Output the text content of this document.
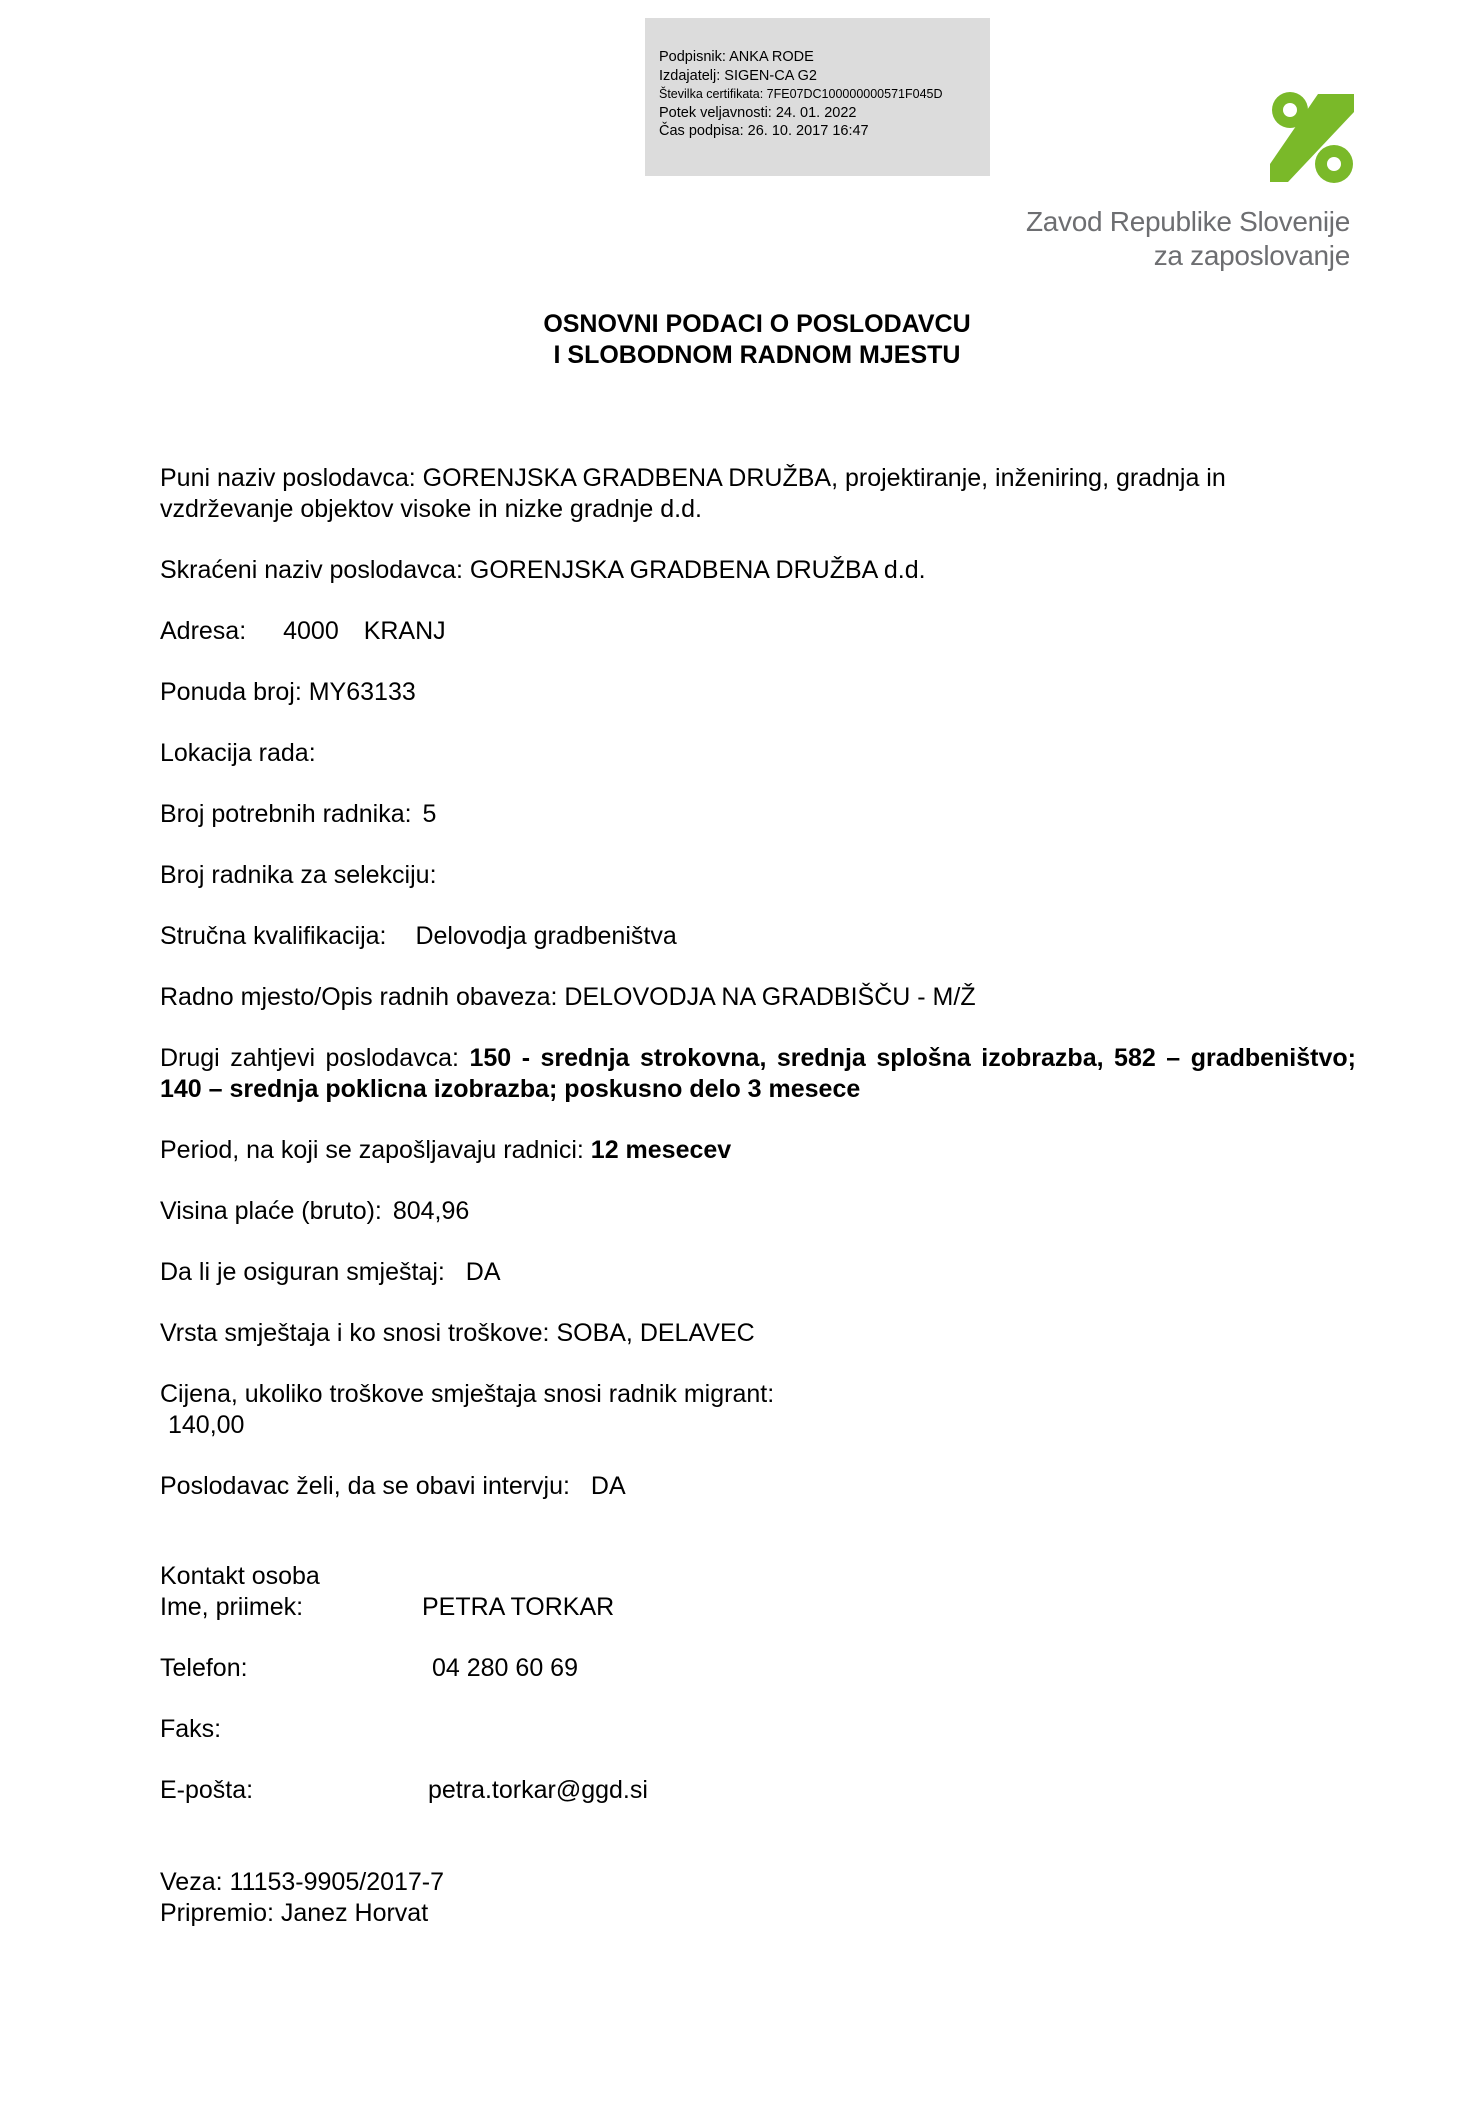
Podpisnik: ANKA RODE
Izdajatelj: SIGEN-CA G2
Številka certifikata: 7FE07DC100000000571F045D
Potek veljavnosti: 24. 01. 2022
Čas podpisa: 26. 10. 2017 16:47
Zavod Republike Slovenije
za zaposlovanje
OSNOVNI PODACI O POSLODAVCU
I SLOBODNOM RADNOM MJESTU
Puni naziv poslodavca: GORENJSKA GRADBENA DRUŽBA, projektiranje, inženiring, gradnja in vzdrževanje objektov visoke in nizke gradnje d.d.
Skraćeni naziv poslodavca: GORENJSKA GRADBENA DRUŽBA d.d.
Adresa: 4000 KRANJ
Ponuda broj: MY63133
Lokacija rada:
Broj potrebnih radnika: 5
Broj radnika za selekciju:
Stručna kvalifikacija: Delovodja gradbeništva
Radno mjesto/Opis radnih obaveza: DELOVODJA NA GRADBIŠČU - M/Ž
Drugi zahtjevi poslodavca: 150 - srednja strokovna, srednja splošna izobrazba, 582 – gradbeništvo; 140 – srednja poklicna izobrazba; poskusno delo 3 mesece
Period, na koji se zapošljavaju radnici: 12 mesecev
Visina plaće (bruto): 804,96
Da li je osiguran smještaj: DA
Vrsta smještaja i ko snosi troškove: SOBA, DELAVEC
Cijena, ukoliko troškove smještaja snosi radnik migrant:
140,00
Poslodavac želi, da se obavi intervju: DA
Kontakt osoba
Ime, priimek:	PETRA TORKAR
Telefon:	04 280 60 69
Faks:
E-pošta:	petra.torkar@ggd.si
Veza: 11153-9905/2017-7
Pripremio: Janez Horvat
